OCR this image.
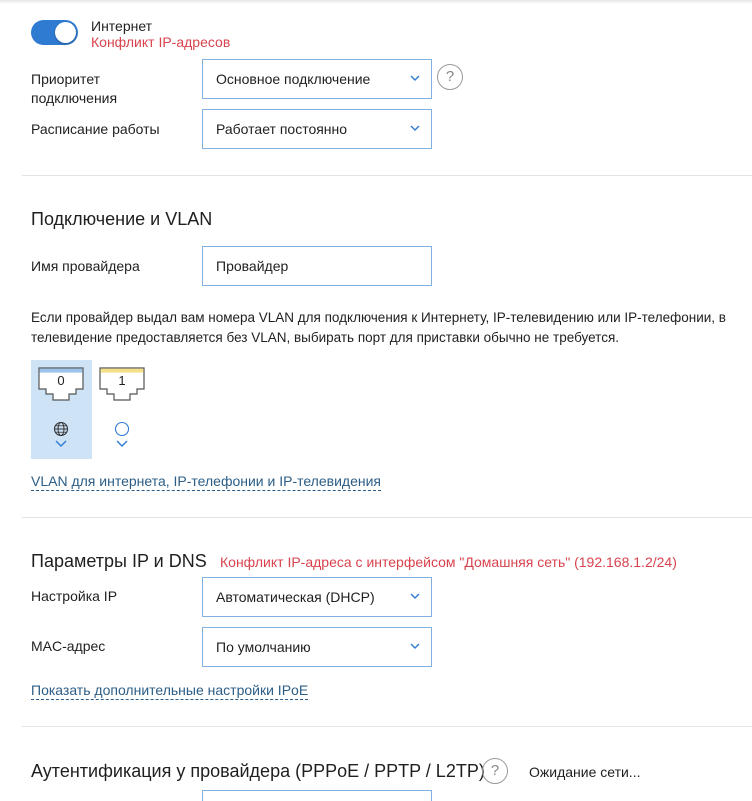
Интернет
Конфликт IP-адресов
Приоритет
подключения
Основное подключение	?
Расписание работы	Работает постоянно
Подключение и VLAN
Имя провайдера	Провайдер
Если провайдер выдал вам номера VLAN для подключения к Интернету, IP-телевидению или IP-телефонии, в
телевидение предоставляется без VLAN, выбирать порт для приставки обычно не требуется.
0	1
VLAN для интернета, IP-телефонии и IP-телевидения
Параметры IP и DNS Конфликт IP-адреса с интерфейсом "Домашняя сеть" (192.168.1.2/24)
Настройка IP	Автоматическая (DHCP)
MAC-адрес	По умолчанию
Показать дополнительные настройки IPoE
Аутентификация у провайдера (PPPoE / PPTP / L2TP) ?	Ожидание сети...
